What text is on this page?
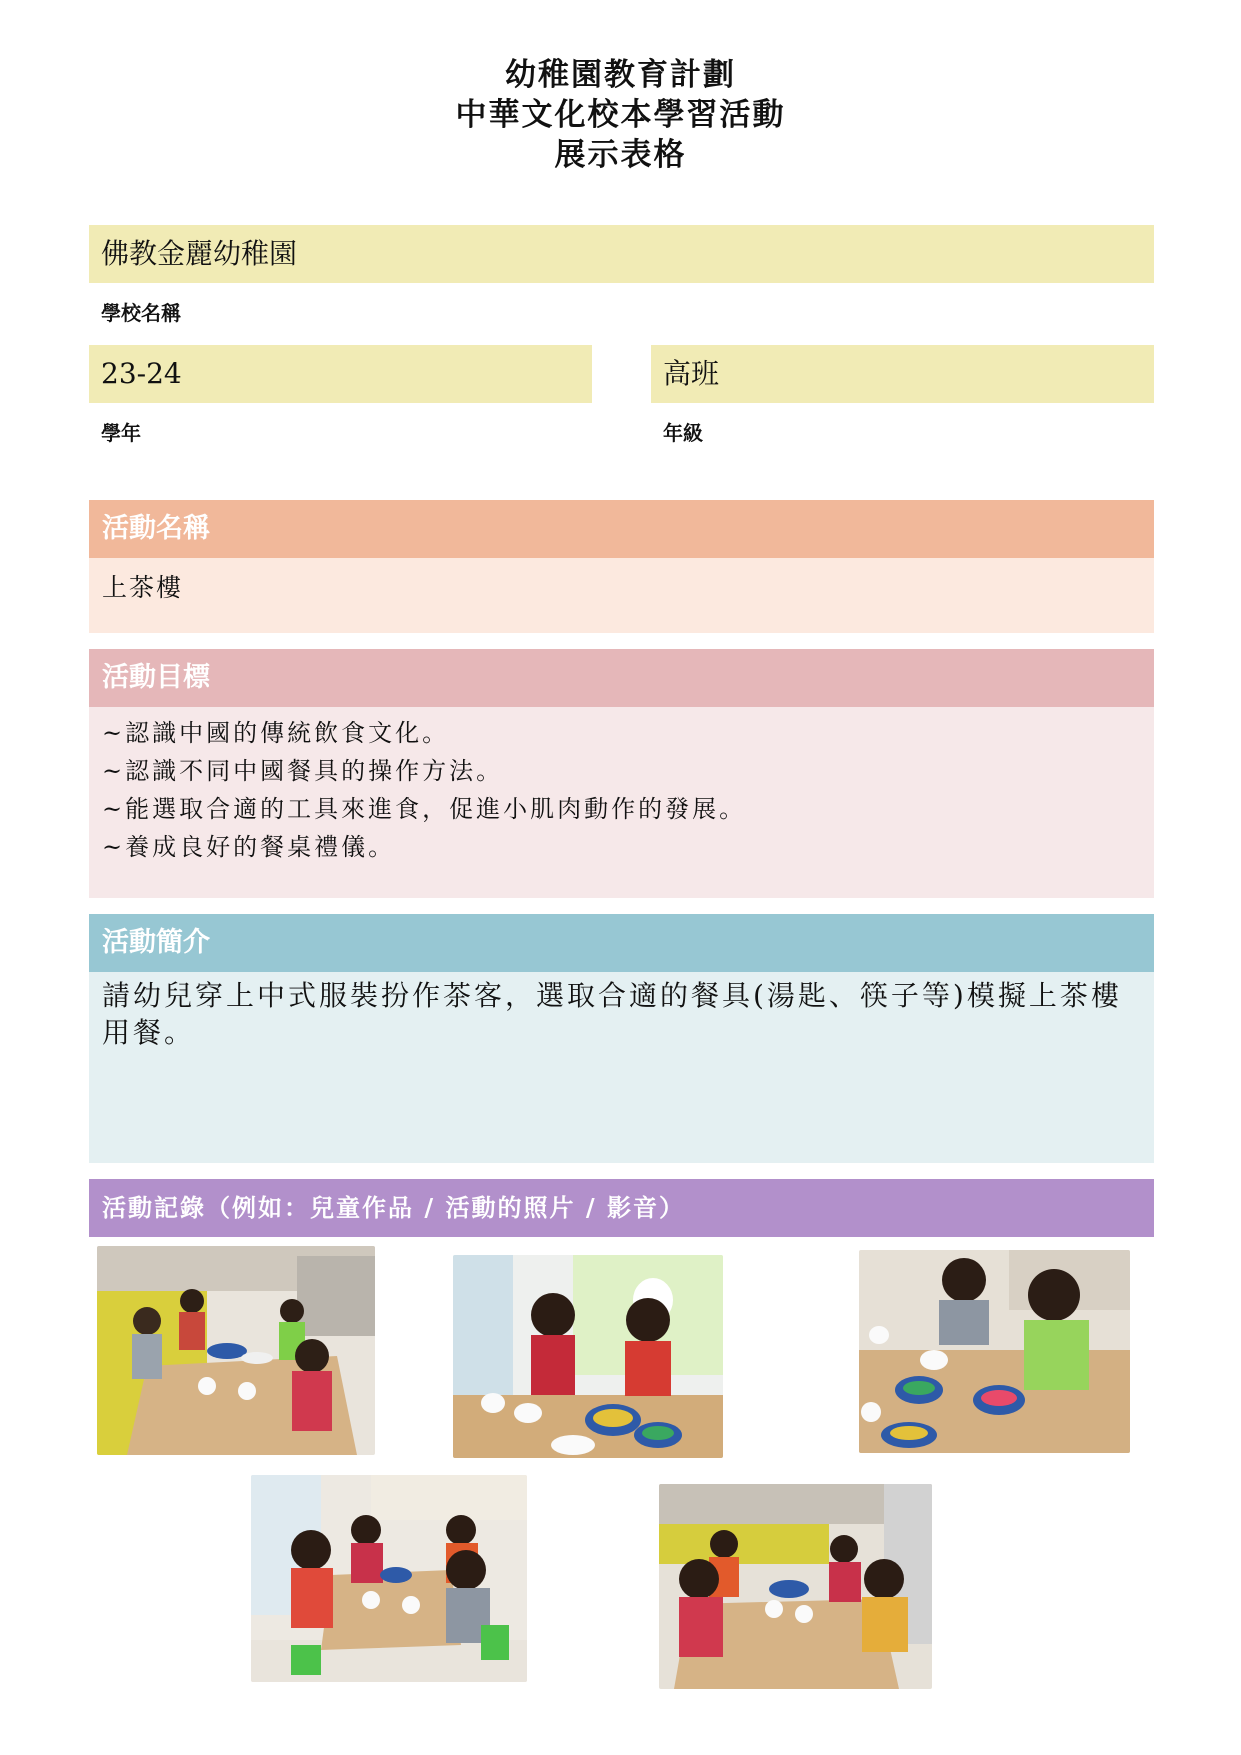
幼稚園教育計劃
中華文化校本學習活動
展示表格
佛教金麗幼稚園
學校名稱
23-24
學年
高班
年級
活動名稱
上茶樓
活動目標
~認識中國的傳統飲食文化。
~認識不同中國餐具的操作方法。
~能選取合適的工具來進食，促進小肌肉動作的發展。
~養成良好的餐桌禮儀。
活動簡介
請幼兒穿上中式服裝扮作茶客，選取合適的餐具(湯匙、筷子等)模擬上茶樓用餐。
活動記錄（例如：兒童作品 / 活動的照片 / 影音）
